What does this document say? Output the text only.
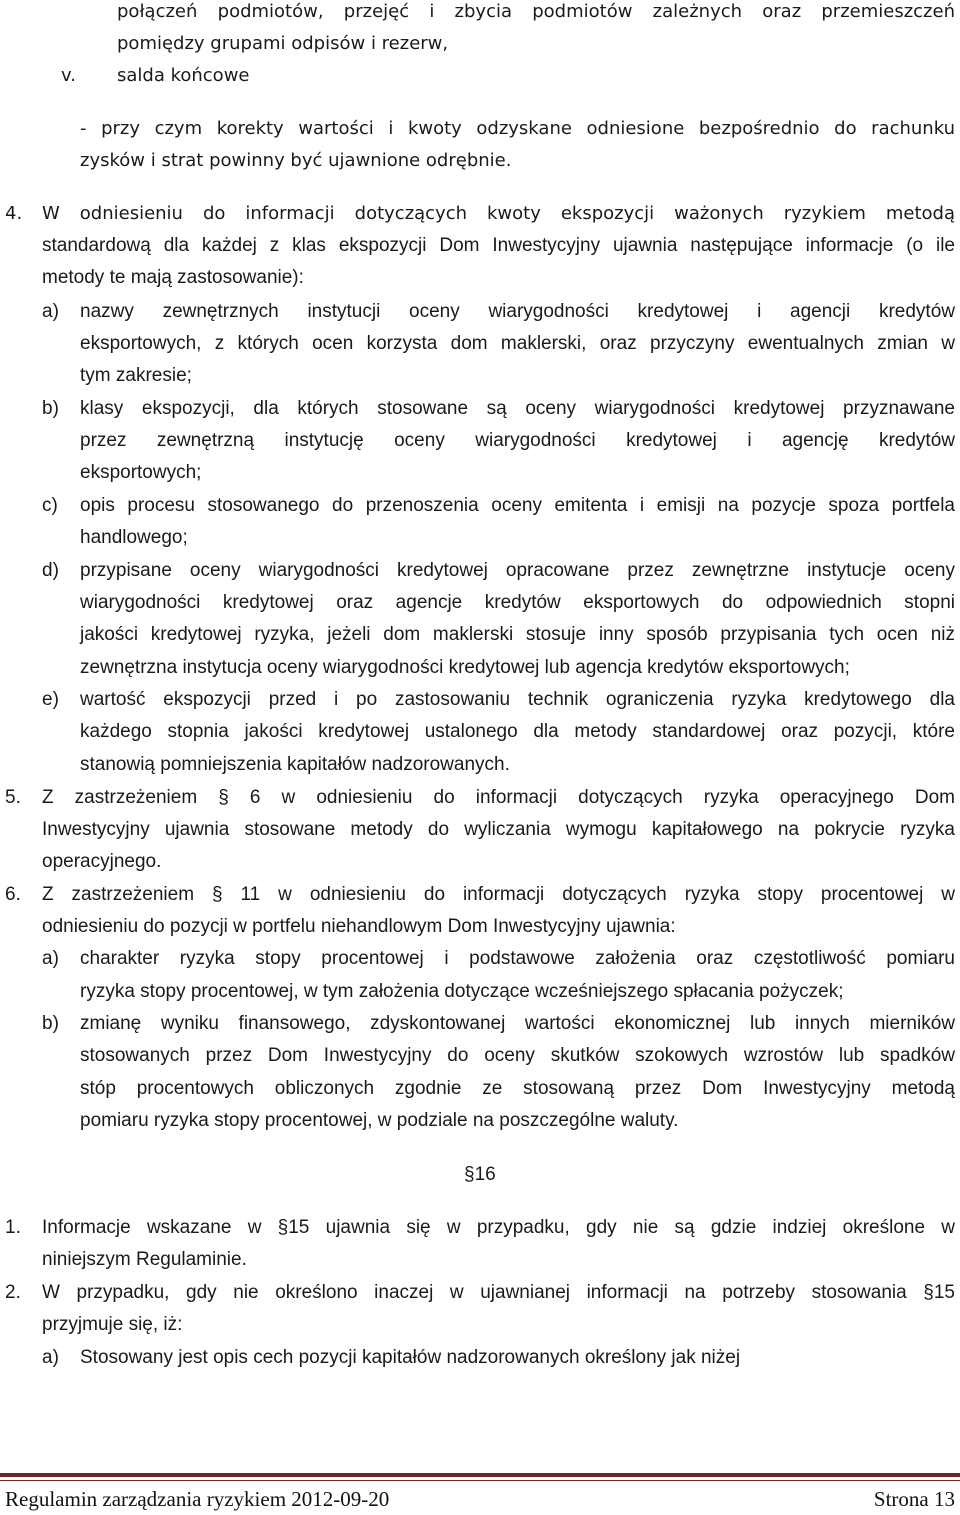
połączeń podmiotów, przejęć i zbycia podmiotów zależnych oraz przemieszczeń
pomiędzy grupami odpisów i rezerw,
v. salda końcowe
- przy czym korekty wartości i kwoty odzyskane odniesione bezpośrednio do rachunku
zysków i strat powinny być ujawnione odrębnie.
4. W odniesieniu do informacji dotyczących kwoty ekspozycji ważonych ryzykiem metodą
standardową dla każdej z klas ekspozycji Dom Inwestycyjny ujawnia następujące informacje (o ile
metody te mają zastosowanie):
a) nazwy zewnętrznych instytucji oceny wiarygodności kredytowej i agencji kredytów
eksportowych, z których ocen korzysta dom maklerski, oraz przyczyny ewentualnych zmian w
tym zakresie;
b) klasy ekspozycji, dla których stosowane są oceny wiarygodności kredytowej przyznawane
przez zewnętrzną instytucję oceny wiarygodności kredytowej i agencję kredytów
eksportowych;
c) opis procesu stosowanego do przenoszenia oceny emitenta i emisji na pozycje spoza portfela
handlowego;
d) przypisane oceny wiarygodności kredytowej opracowane przez zewnętrzne instytucje oceny
wiarygodności kredytowej oraz agencje kredytów eksportowych do odpowiednich stopni
jakości kredytowej ryzyka, jeżeli dom maklerski stosuje inny sposób przypisania tych ocen niż
zewnętrzna instytucja oceny wiarygodności kredytowej lub agencja kredytów eksportowych;
e) wartość ekspozycji przed i po zastosowaniu technik ograniczenia ryzyka kredytowego dla
każdego stopnia jakości kredytowej ustalonego dla metody standardowej oraz pozycji, które
stanowią pomniejszenia kapitałów nadzorowanych.
5. Z zastrzeżeniem § 6 w odniesieniu do informacji dotyczących ryzyka operacyjnego Dom
Inwestycyjny ujawnia stosowane metody do wyliczania wymogu kapitałowego na pokrycie ryzyka
operacyjnego.
6. Z zastrzeżeniem § 11 w odniesieniu do informacji dotyczących ryzyka stopy procentowej w
odniesieniu do pozycji w portfelu niehandlowym Dom Inwestycyjny ujawnia:
a) charakter ryzyka stopy procentowej i podstawowe założenia oraz częstotliwość pomiaru
ryzyka stopy procentowej, w tym założenia dotyczące wcześniejszego spłacania pożyczek;
b) zmianę wyniku finansowego, zdyskontowanej wartości ekonomicznej lub innych mierników
stosowanych przez Dom Inwestycyjny do oceny skutków szokowych wzrostów lub spadków
stóp procentowych obliczonych zgodnie ze stosowaną przez Dom Inwestycyjny metodą
pomiaru ryzyka stopy procentowej, w podziale na poszczególne waluty.
§16
1. Informacje wskazane w §15 ujawnia się w przypadku, gdy nie są gdzie indziej określone w
niniejszym Regulaminie.
2. W przypadku, gdy nie określono inaczej w ujawnianej informacji na potrzeby stosowania §15
przyjmuje się, iż:
a) Stosowany jest opis cech pozycji kapitałów nadzorowanych określony jak niżej
Regulamin zarządzania ryzykiem 2012-09-20	Strona 13
